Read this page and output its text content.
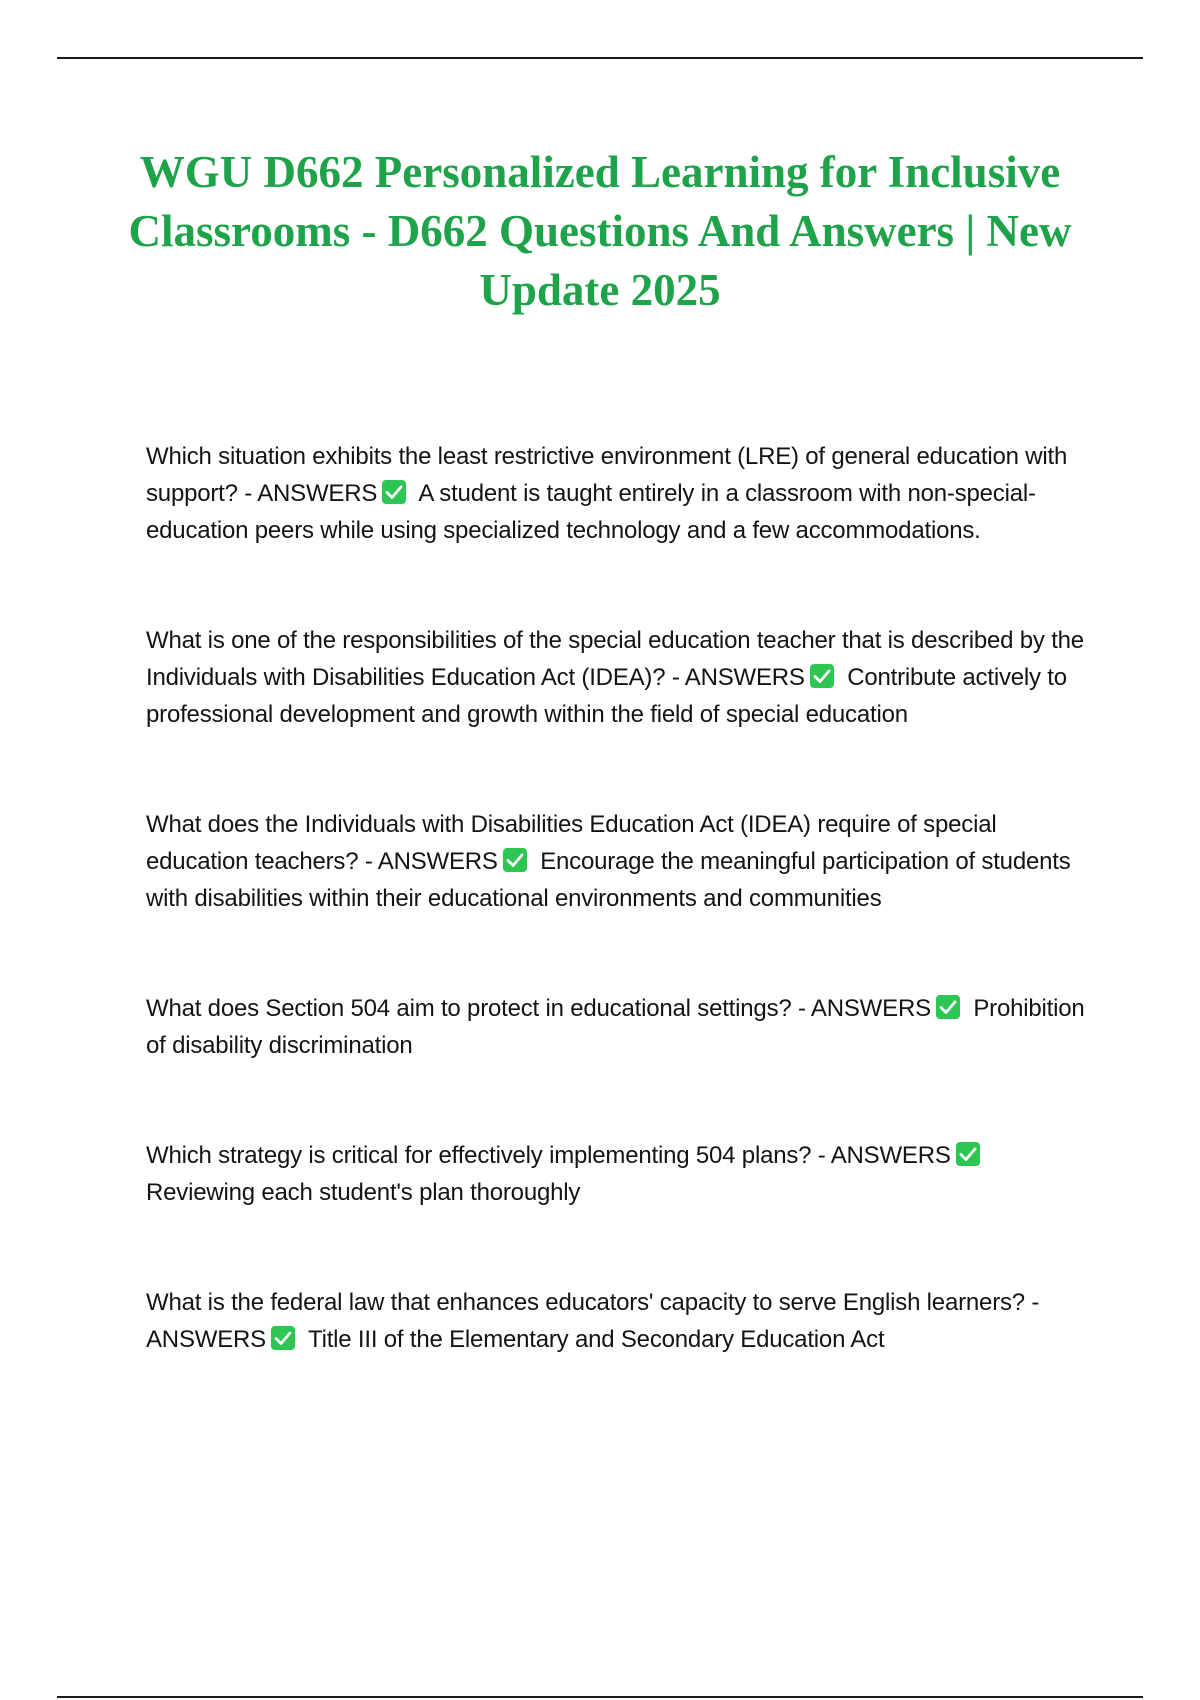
WGU D662 Personalized Learning for Inclusive Classrooms - D662 Questions And Answers | New Update 2025

Which situation exhibits the least restrictive environment (LRE) of general education with support? - ANSWERS A student is taught entirely in a classroom with non-special-education peers while using specialized technology and a few accommodations.

What is one of the responsibilities of the special education teacher that is described by the Individuals with Disabilities Education Act (IDEA)? - ANSWERS Contribute actively to professional development and growth within the field of special education

What does the Individuals with Disabilities Education Act (IDEA) require of special education teachers? - ANSWERS Encourage the meaningful participation of students with disabilities within their educational environments and communities

What does Section 504 aim to protect in educational settings? - ANSWERS Prohibition of disability discrimination

Which strategy is critical for effectively implementing 504 plans? - ANSWERS
Reviewing each student's plan thoroughly

What is the federal law that enhances educators' capacity to serve English learners? - ANSWERS Title III of the Elementary and Secondary Education Act
